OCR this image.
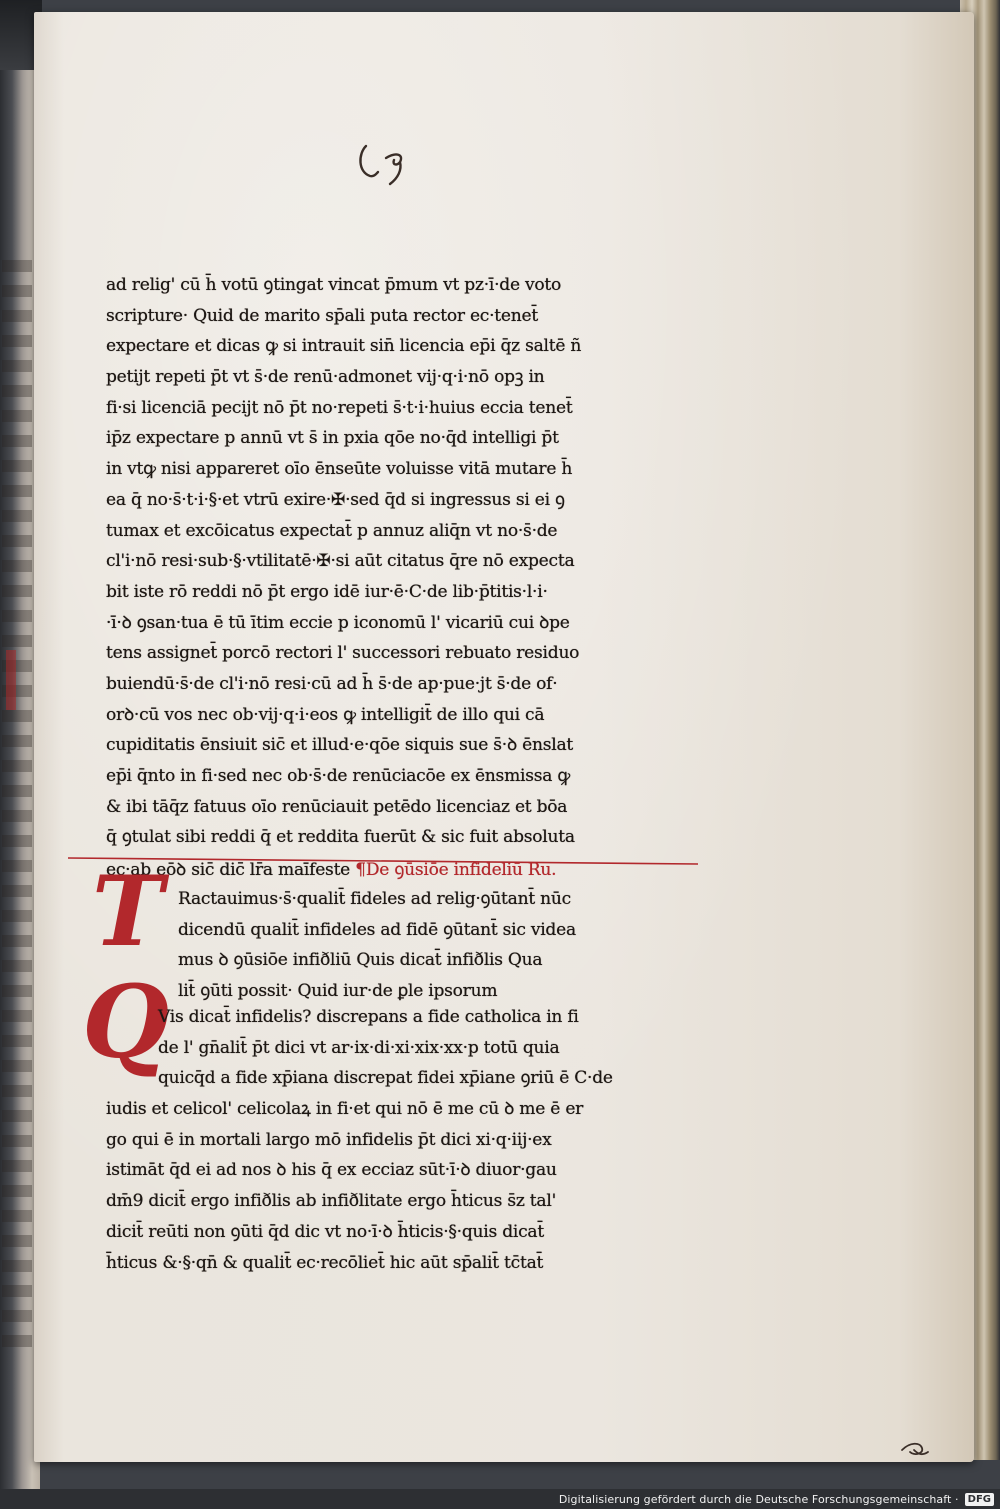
ad relig' cū h̄ votū ꝯtingat vincat p̄mum vt pz·ī·de voto
scripture· Quid de marito sp̄ali puta rector ec·tenet̄
expectare et dicas ꝙ si intrauit sin̄ licencia ep̄i q̄z saltē ñ
petijt repeti p̄t vt s̄·de renū·admonet vij·q·i·nō opꝫ in
fi·si licenciā pecijt nō p̄t no·repeti s̄·t·i·huius eccia tenet̄
ip̄z expectare p annū vt s̄ in pxia qōe no·q̄d intelligi p̄t
in vtꝙ nisi appareret oīo ēnseūte voluisse vitā mutare h̄
ea q̄ no·s̄·t·i·§·et vtrū exire·✠·sed q̄d si ingressus si ei ꝯ
tumax et excōicatus expectat̄ p annuz aliq̄n vt no·s̄·de
cl'i·nō resi·sub·§·vtilitatē·✠·si aūt citatus q̄re nō expecta
bit iste rō reddi nō p̄t ergo idē iur·ē·C·de lib·p̄titis·l·i·
·ī·ꝺ ꝯsan·tua ē tū ītim eccie p iconomū l' vicariū cui ꝺpe
tens assignet̄ porcō rectori l' successori rebuato residuo
buiendū·s̄·de cl'i·nō resi·cū ad h̄ s̄·de ap·pue·jt s̄·de of·
orꝺ·cū vos nec ob·vij·q·i·eos ꝙ intelligit̄ de illo qui cā
cupiditatis ēnsiuit sic̄ et illud·e·qōe siquis sue s̄·ꝺ ēnslat
ep̄i q̄nto in fi·sed nec ob·s̄·de renūciacōe ex ēnsmissa ꝙ
& ibi tāq̄z fatuus oīo renūciauit petēdo licenciaz et bōa
q̄ ꝯtulat sibi reddi q̄ et reddita fuerūt & sic fuit absoluta
ec·ab eōꝺ sic̄ dic̄ lr̄a maīfeste ¶De ꝯūsiōe infideliū Ru.
T Ractauimus·s̄·qualit̄ fideles ad relig·ꝯūtant̄ nūc
dicendū qualit̄ infideles ad fidē ꝯūtant̄ sic videa
mus ꝺ ꝯūsiōe infiðliū Quis dicat̄ infiðlis Qua
lit̄ ꝯūti possit· Quid iur·de ꝑle ipsorum
Q
Vis dicat̄ infidelis? discrepans a fide catholica in fi
de l' gn̄alit̄ p̄t dici vt ar·ix·di·xi·xix·xx·p totū quia
quicq̄d a fide xp̄iana discrepat fidei xp̄iane ꝯriū ē C·de
iudis et celicol' celicolaꝝ in fi·et qui nō ē me cū ꝺ me ē er
go qui ē in mortali largo mō infidelis p̄t dici xi·q·iij·ex
istimāt q̄d ei ad nos ꝺ his q̄ ex ecciaz sūt·ī·ꝺ diuor·gau
dm̄9 dicit̄ ergo infiðlis ab infiðlitate ergo h̄ticus s̄z tal'
dicit̄ reūti non ꝯūti q̄d dic vt no·ī·ꝺ h̄ticis·§·quis dicat̄
h̄ticus &·§·qn̄ & qualit̄ ec·recōliet̄ hic aūt sp̄alit̄ tc̄tat̄
Digitalisierung gefördert durch die Deutsche Forschungsgemeinschaft · DFG
